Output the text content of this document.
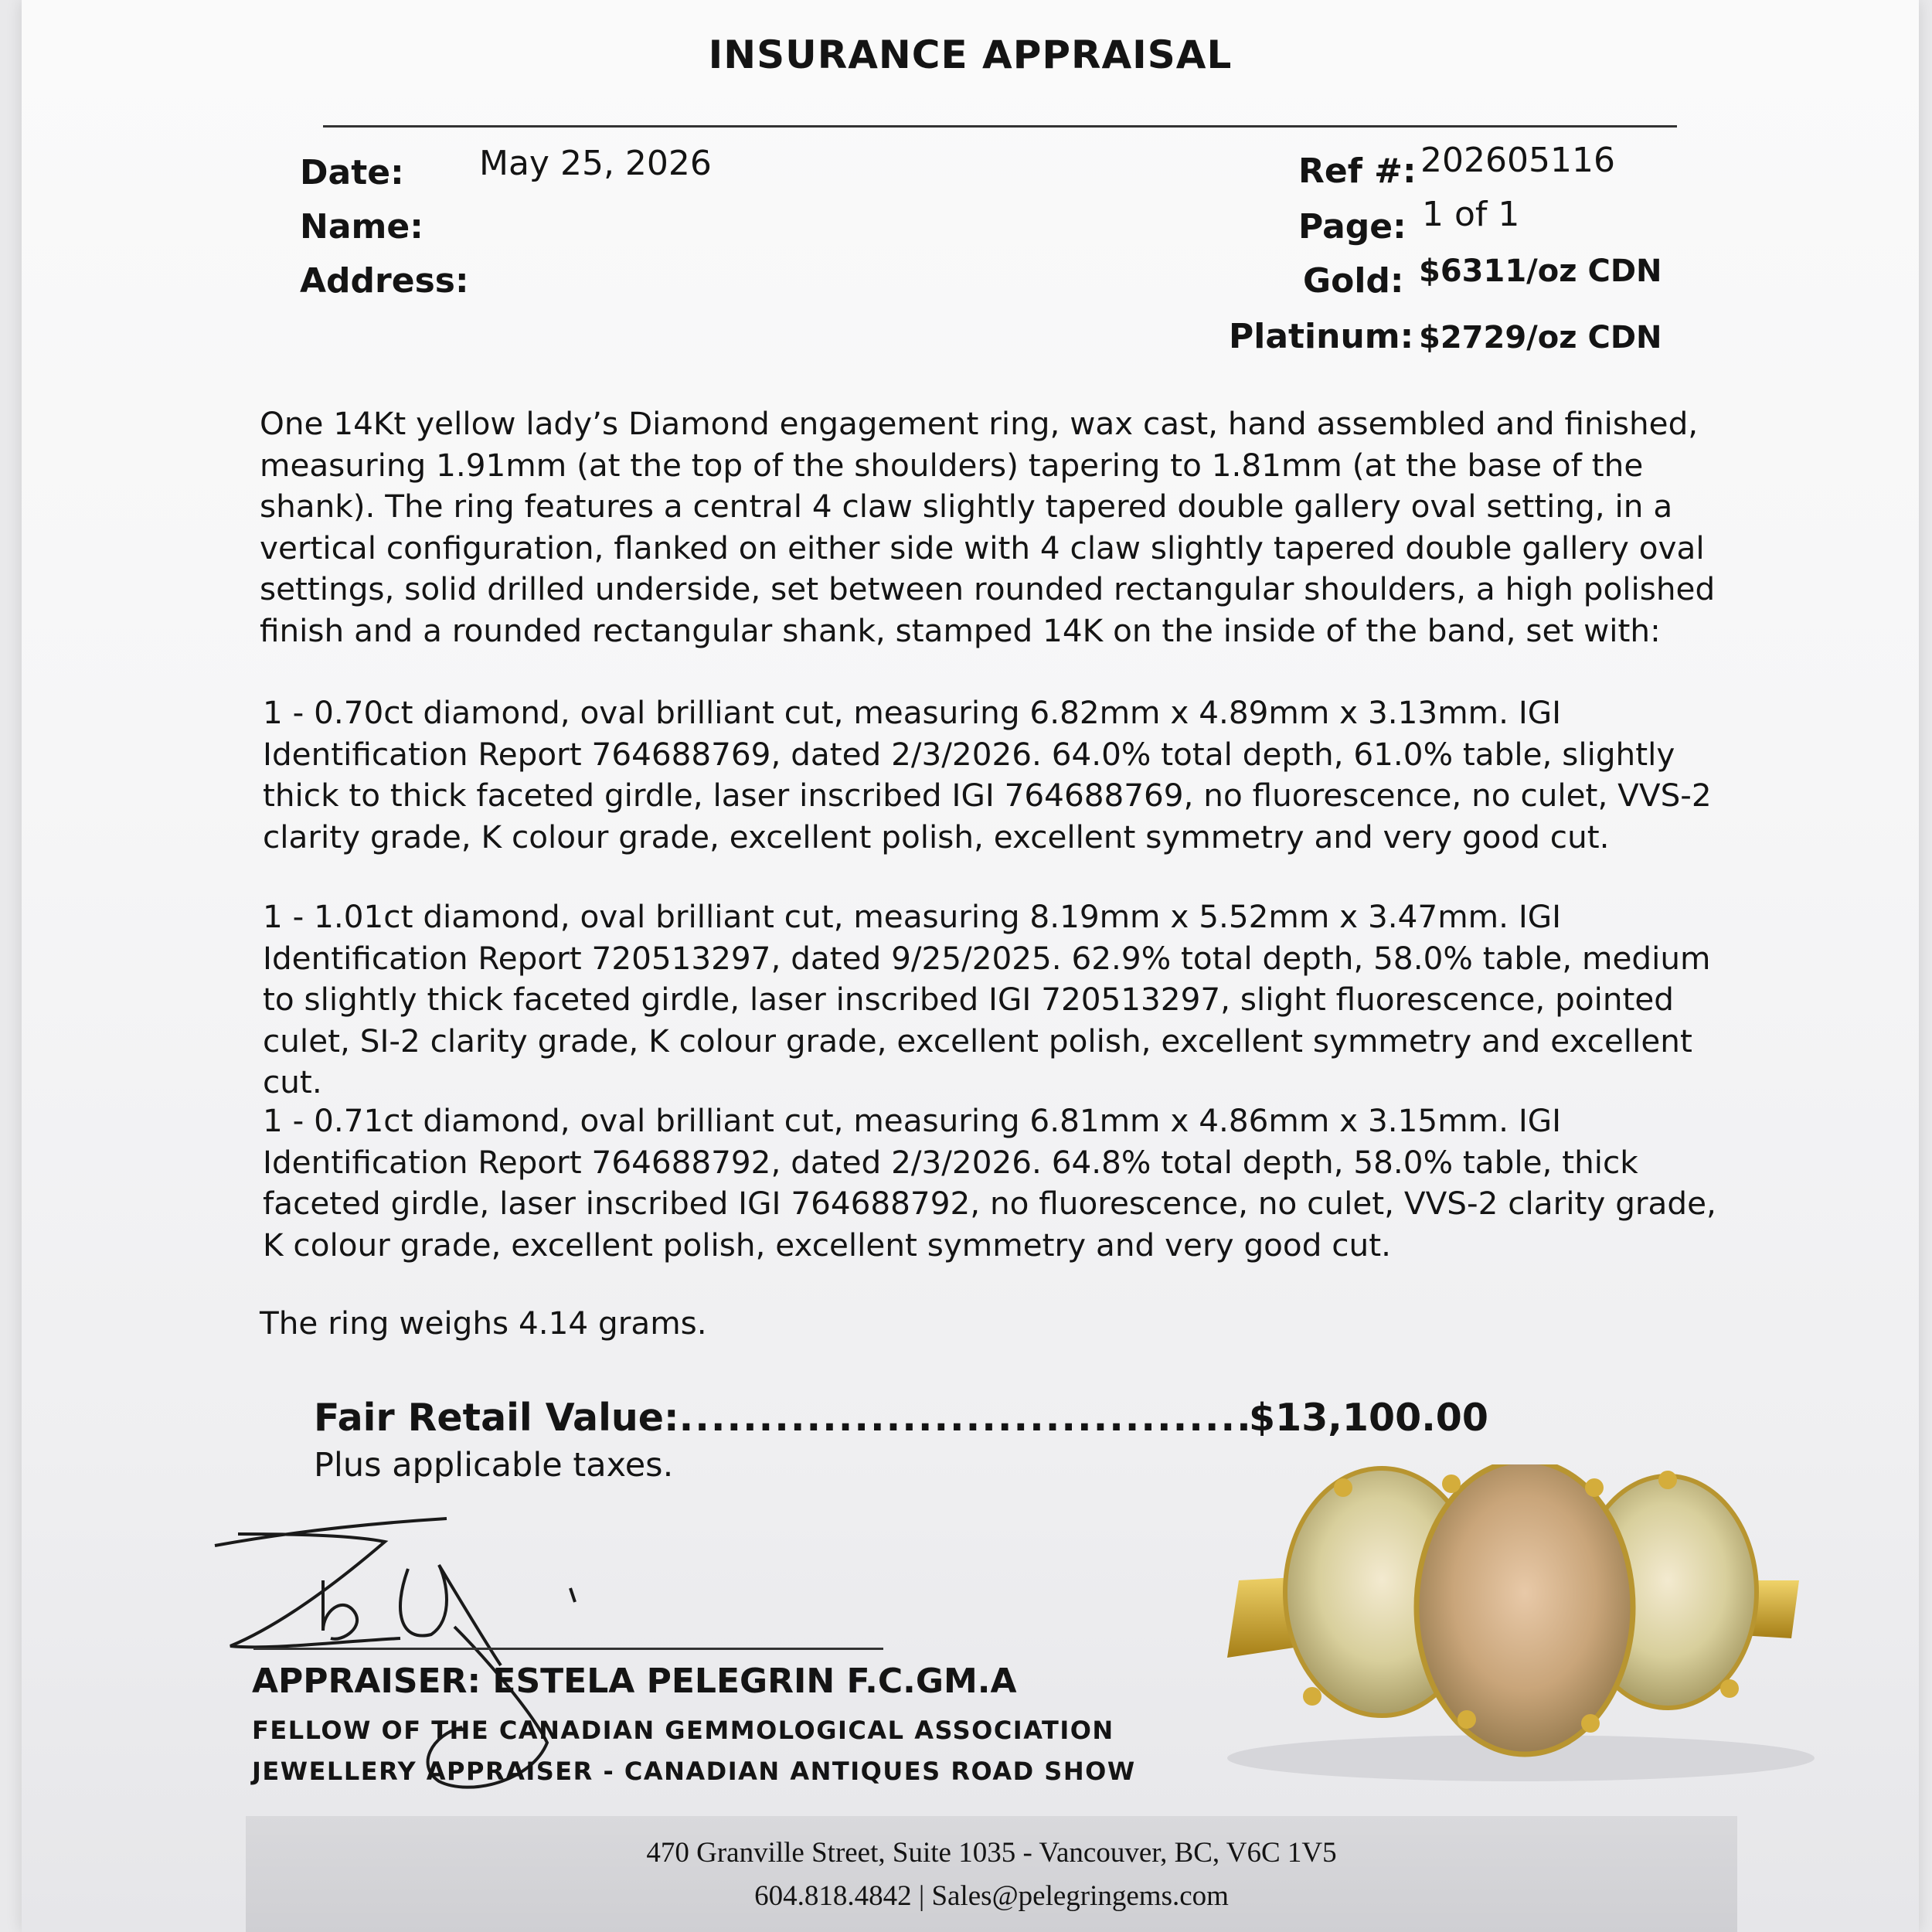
INSURANCE APPRAISAL
Date: May 25, 2026
Name:
Address:
Ref #: 202605116
Page: 1 of 1
Gold: $6311/oz CDN
Platinum: $2729/oz CDN

One 14Kt yellow lady’s Diamond engagement ring, wax cast, hand assembled and finished, measuring 1.91mm (at the top of the shoulders) tapering to 1.81mm (at the base of the shank). The ring features a central 4 claw slightly tapered double gallery oval setting, in a vertical configuration, flanked on either side with 4 claw slightly tapered double gallery oval settings, solid drilled underside, set between rounded rectangular shoulders, a high polished finish and a rounded rectangular shank, stamped 14K on the inside of the band, set with:

1 - 0.70ct diamond, oval brilliant cut, measuring 6.82mm x 4.89mm x 3.13mm. IGI Identification Report 764688769, dated 2/3/2026. 64.0% total depth, 61.0% table, slightly thick to thick faceted girdle, laser inscribed IGI 764688769, no fluorescence, no culet, VVS-2 clarity grade, K colour grade, excellent polish, excellent symmetry and very good cut.

1 - 1.01ct diamond, oval brilliant cut, measuring 8.19mm x 5.52mm x 3.47mm. IGI Identification Report 720513297, dated 9/25/2025. 62.9% total depth, 58.0% table, medium to slightly thick faceted girdle, laser inscribed IGI 720513297, slight fluorescence, pointed culet, SI-2 clarity grade, K colour grade, excellent polish, excellent symmetry and excellent cut.

1 - 0.71ct diamond, oval brilliant cut, measuring 6.81mm x 4.86mm x 3.15mm. IGI Identification Report 764688792, dated 2/3/2026. 64.8% total depth, 58.0% table, thick faceted girdle, laser inscribed IGI 764688792, no fluorescence, no culet, VVS-2 clarity grade, K colour grade, excellent polish, excellent symmetry and very good cut.

The ring weighs 4.14 grams.

Fair Retail Value:
.....	$13,100.00
Plus applicable taxes.
APPRAISER: ESTELA PELEGRIN F.C.GM.A
FELLOW OF THE CANADIAN GEMMOLOGICAL ASSOCIATION
JEWELLERY APPRAISER - CANADIAN ANTIQUES ROAD SHOW
470 Granville Street, Suite 1035 - Vancouver, BC, V6C 1V5
604.818.4842 | Sales@pelegringems.com
